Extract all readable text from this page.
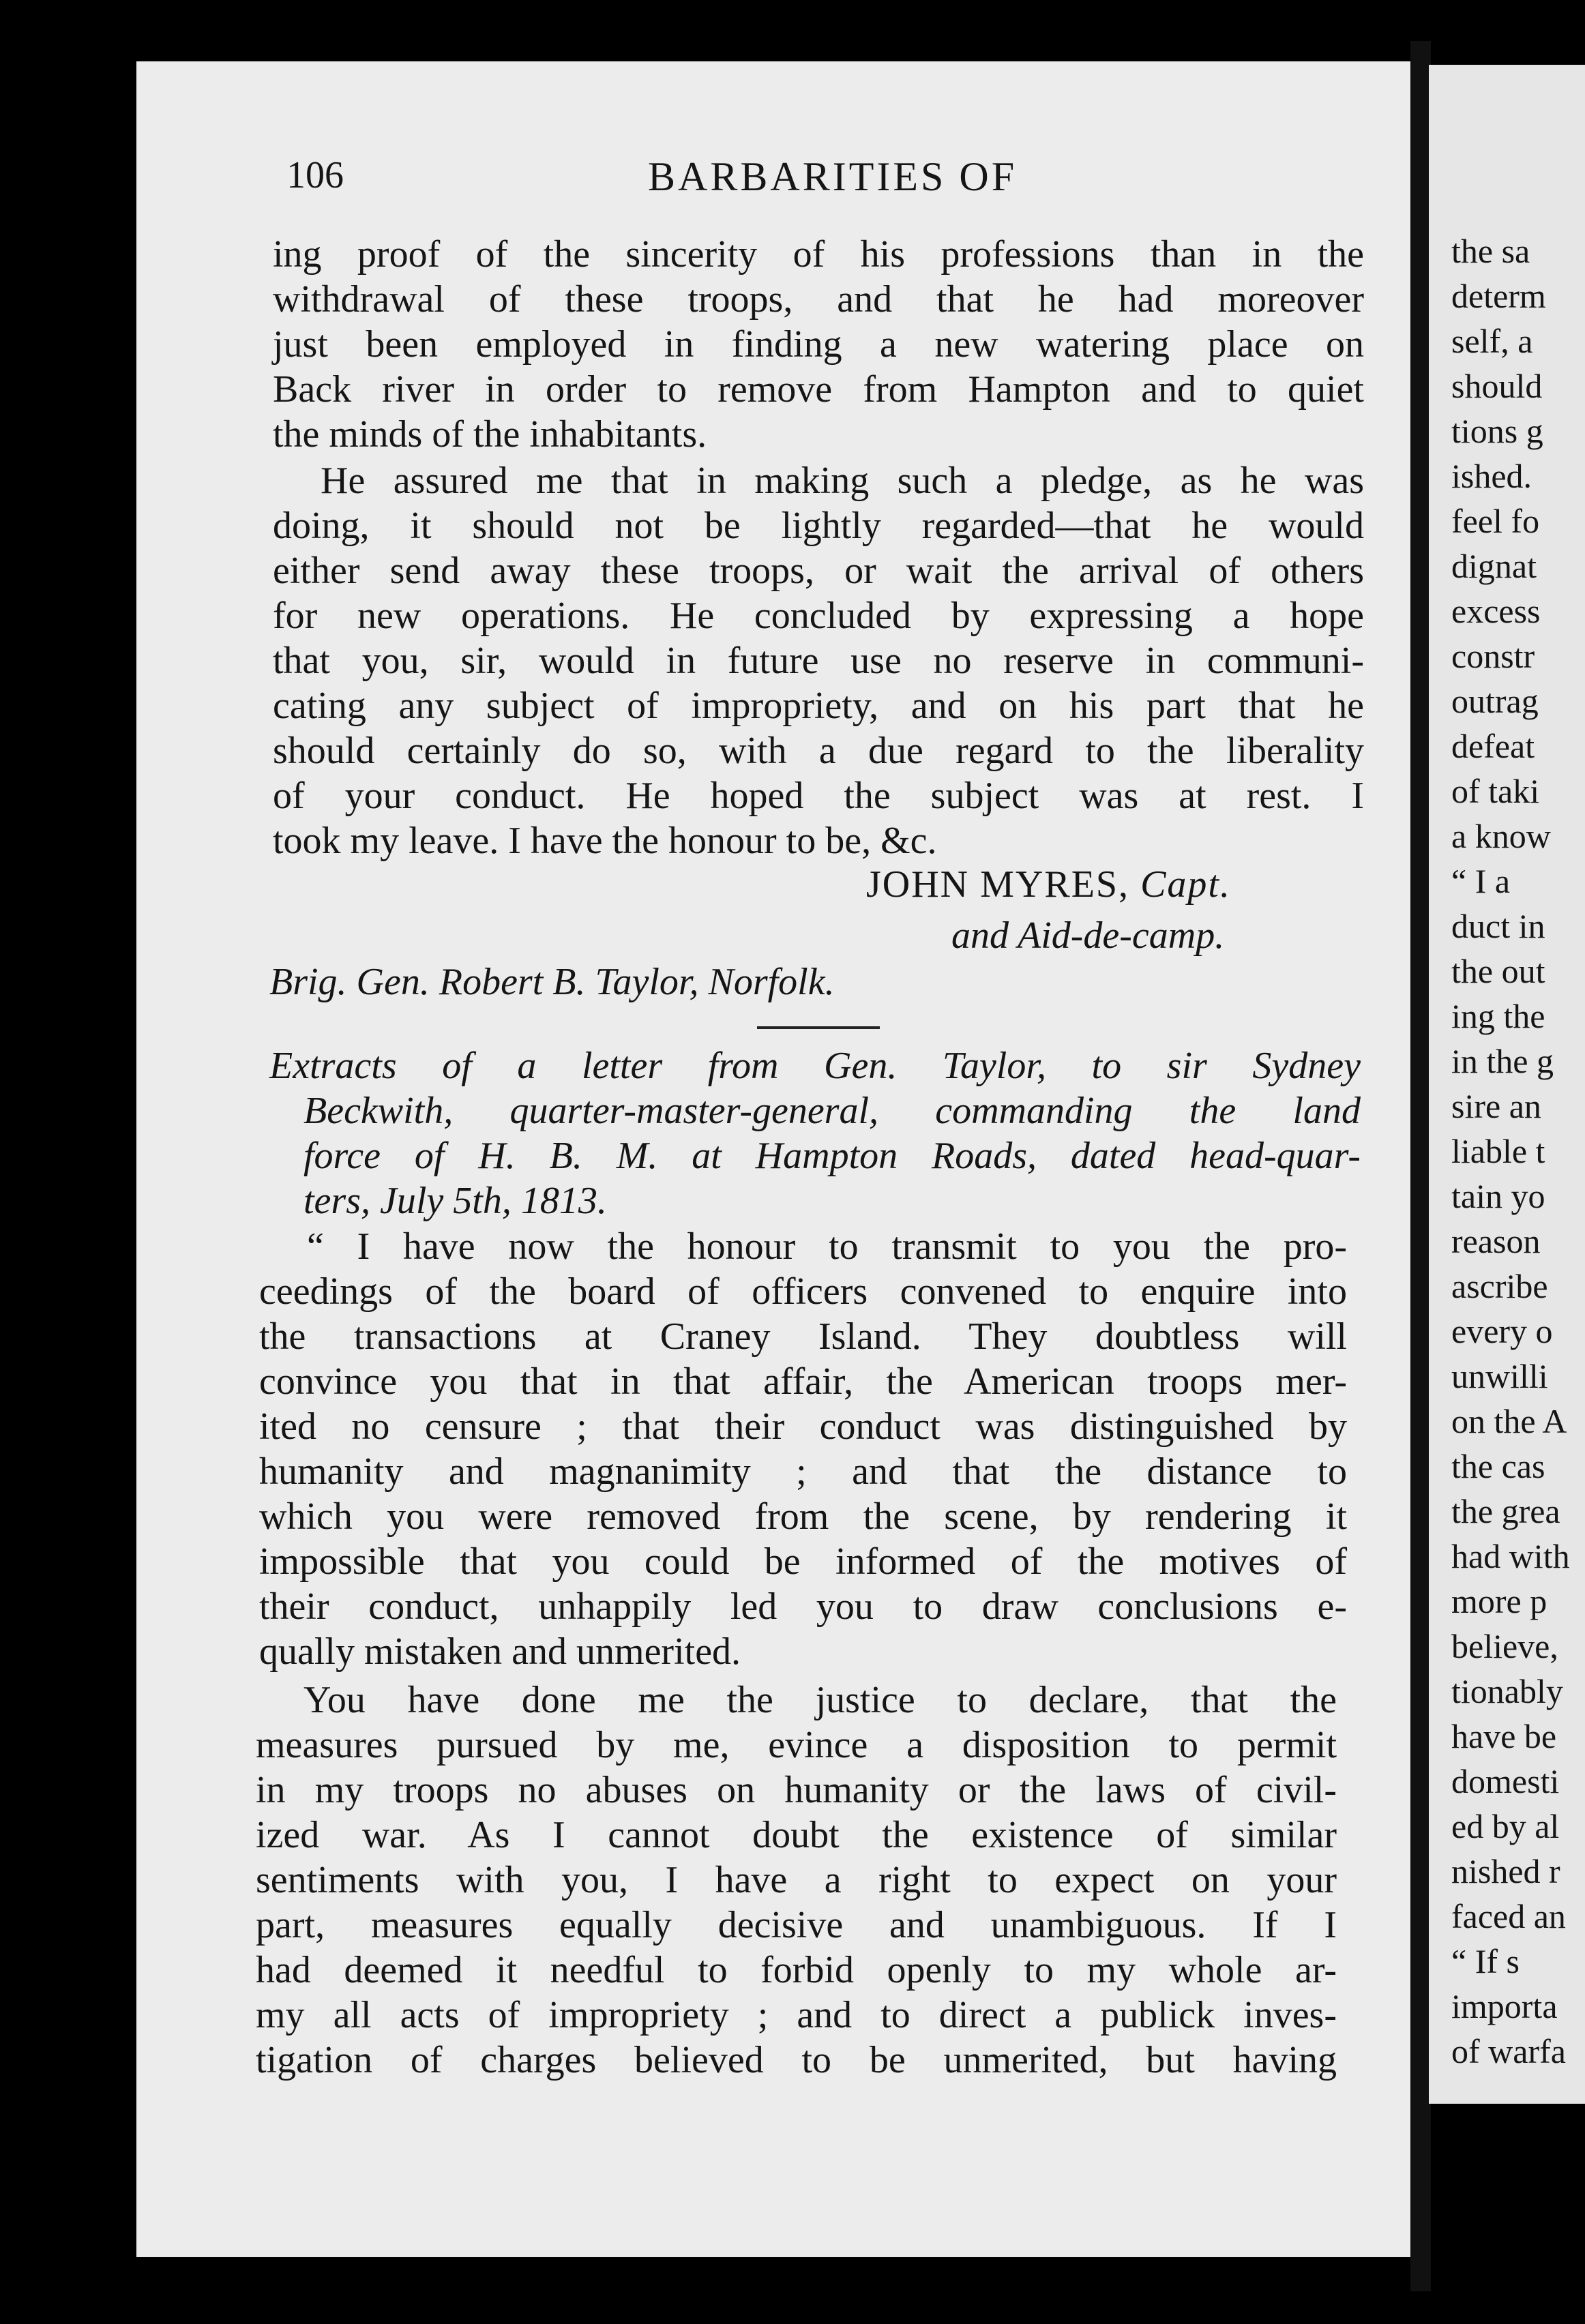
106	BARBARITIES OF
ing proof of the sincerity of his professions than in the
withdrawal of these troops, and that he had moreover
just been employed in finding a new watering place on
Back river in order to remove from Hampton and to quiet
the minds of the inhabitants.
He assured me that in making such a pledge, as he was
doing, it should not be lightly regarded—that he would
either send away these troops, or wait the arrival of others
for new operations. He concluded by expressing a hope
that you, sir, would in future use no reserve in communi-
cating any subject of impropriety, and on his part that he
should certainly do so, with a due regard to the liberality
of your conduct. He hoped the subject was at rest. I
took my leave. I have the honour to be, &c.
JOHN MYRES, Capt.
and Aid-de-camp.
Brig. Gen. Robert B. Taylor, Norfolk.
Extracts of a letter from Gen. Taylor, to sir Sydney
Beckwith, quarter-master-general, commanding the land
force of H. B. M. at Hampton Roads, dated head-quar-
ters, July 5th, 1813.
“ I have now the honour to transmit to you the pro-
ceedings of the board of officers convened to enquire into
the transactions at Craney Island. They doubtless will
convince you that in that affair, the American troops mer-
ited no censure ; that their conduct was distinguished by
humanity and magnanimity ; and that the distance to
which you were removed from the scene, by rendering it
impossible that you could be informed of the motives of
their conduct, unhappily led you to draw conclusions e-
qually mistaken and unmerited.
You have done me the justice to declare, that the
measures pursued by me, evince a disposition to permit
in my troops no abuses on humanity or the laws of civil-
ized war. As I cannot doubt the existence of similar
sentiments with you, I have a right to expect on your
part, measures equally decisive and unambiguous. If I
had deemed it needful to forbid openly to my whole ar-
my all acts of impropriety ; and to direct a publick inves-
tigation of charges believed to be unmerited, but having
the sa
determ
self, a
should
tions g
ished.
feel fo
dignat
excess
constr
outrag
defeat
of taki
a know
“ I a
duct in
the out
ing the
in the g
sire an
liable t
tain yo
reason
ascribe
every o
unwilli
on the A
the cas
the grea
had with
more p
believe,
tionably
have be
domesti
ed by al
nished r
faced an
“ If s
importa
of warfa
